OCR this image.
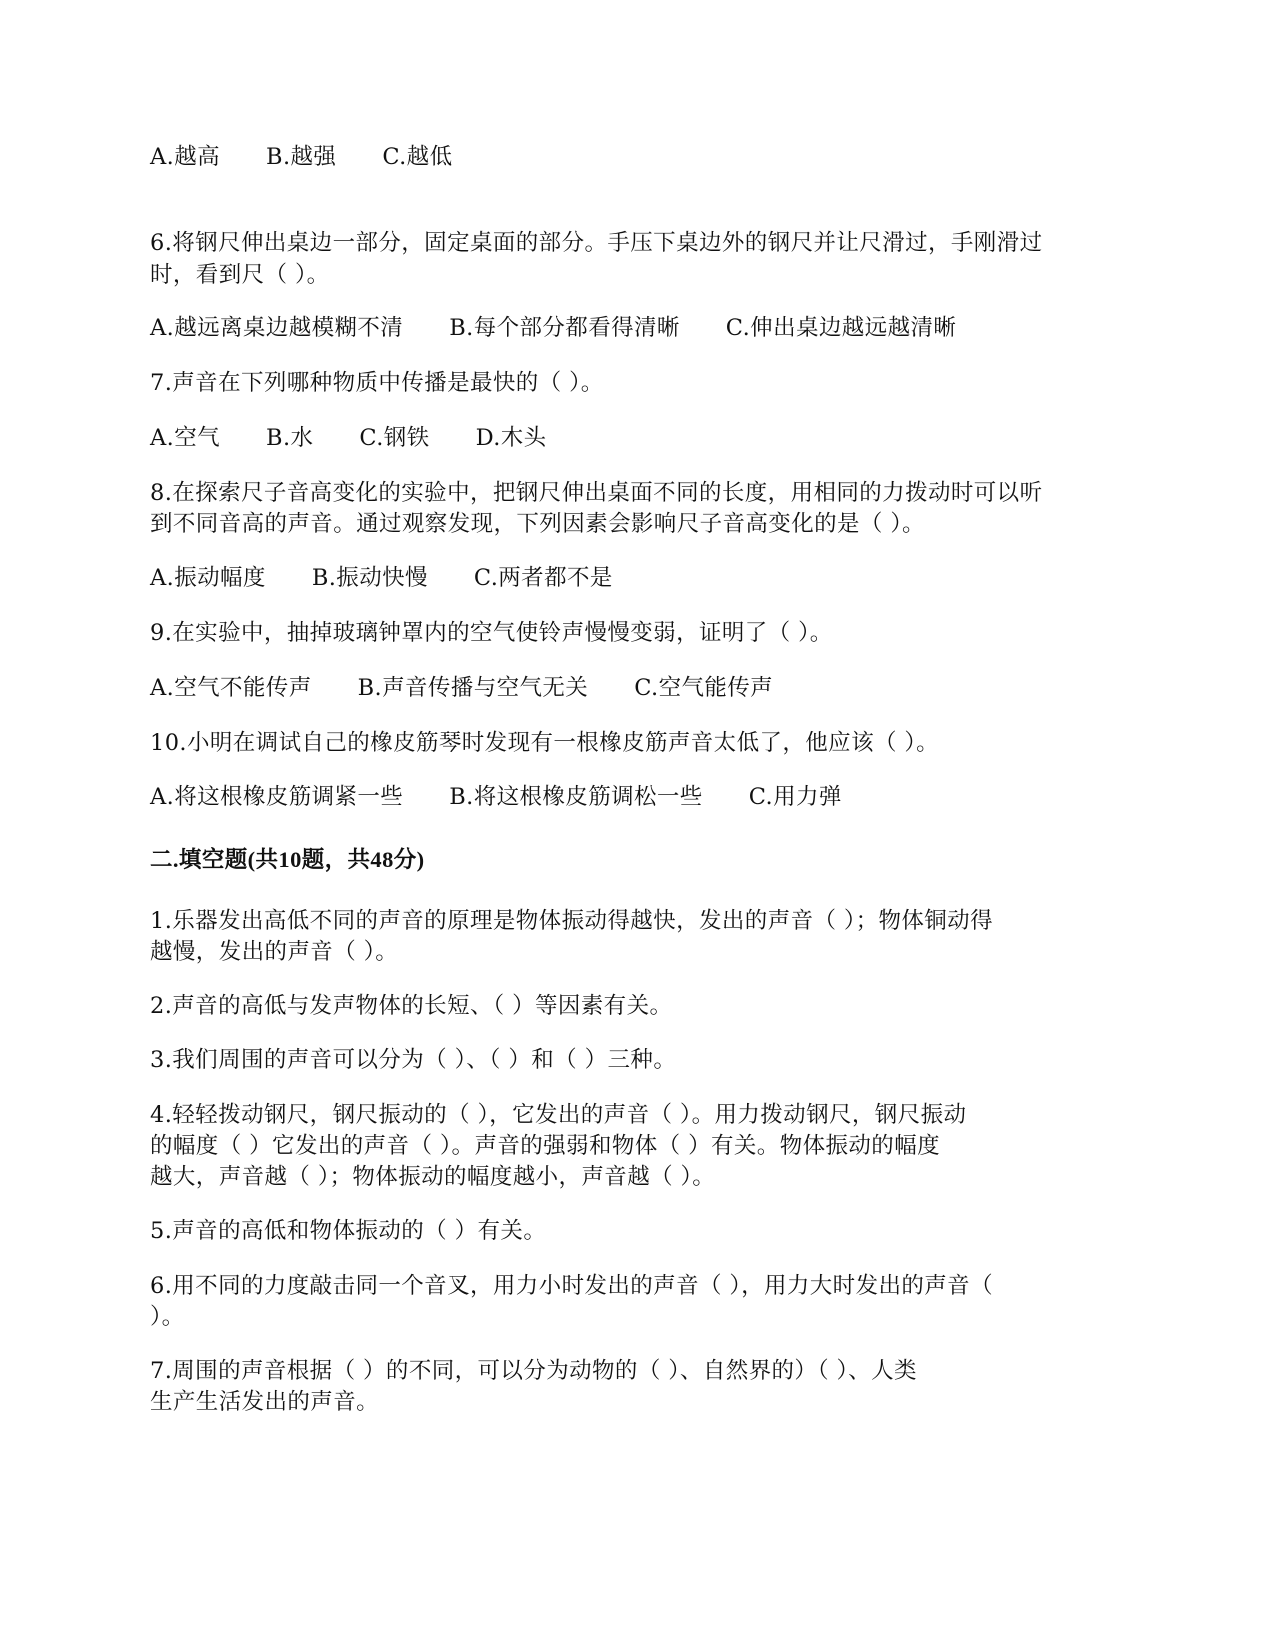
A.越高 B.越强 C.越低
6.将钢尺伸出桌边一部分，固定桌面的部分。手压下桌边外的钢尺并让尺滑过，手刚滑过
时，看到尺（ ）。
A.越远离桌边越模糊不清 B.每个部分都看得清晰 C.伸出桌边越远越清晰
7.声音在下列哪种物质中传播是最快的（ ）。
A.空气 B.水 C.钢铁 D.木头
8.在探索尺子音高变化的实验中，把钢尺伸出桌面不同的长度，用相同的力拨动时可以听
到不同音高的声音。通过观察发现，下列因素会影响尺子音高变化的是（ ）。
A.振动幅度 B.振动快慢 C.两者都不是
9.在实验中，抽掉玻璃钟罩内的空气使铃声慢慢变弱，证明了（ ）。
A.空气不能传声 B.声音传播与空气无关 C.空气能传声
10.小明在调试自己的橡皮筋琴时发现有一根橡皮筋声音太低了，他应该（ ）。
A.将这根橡皮筋调紧一些 B.将这根橡皮筋调松一些 C.用力弹
二.填空题(共10题，共48分)
1.乐器发出高低不同的声音的原理是物体振动得越快，发出的声音（ ）；物体铜动得
越慢，发出的声音（ ）。
2.声音的高低与发声物体的长短、（ ）等因素有关。
3.我们周围的声音可以分为（ ）、（ ）和（ ）三种。
4.轻轻拨动钢尺，钢尺振动的（ ），它发出的声音（ ）。用力拨动钢尺，钢尺振动
的幅度（ ）它发出的声音（ ）。声音的强弱和物体（ ）有关。物体振动的幅度
越大，声音越（ ）；物体振动的幅度越小，声音越（ ）。
5.声音的高低和物体振动的（ ）有关。
6.用不同的力度敲击同一个音叉，用力小时发出的声音（ ），用力大时发出的声音（
）。
7.周围的声音根据（ ）的不同，可以分为动物的（ ）、自然界的）（ ）、人类
生产生活发出的声音。
